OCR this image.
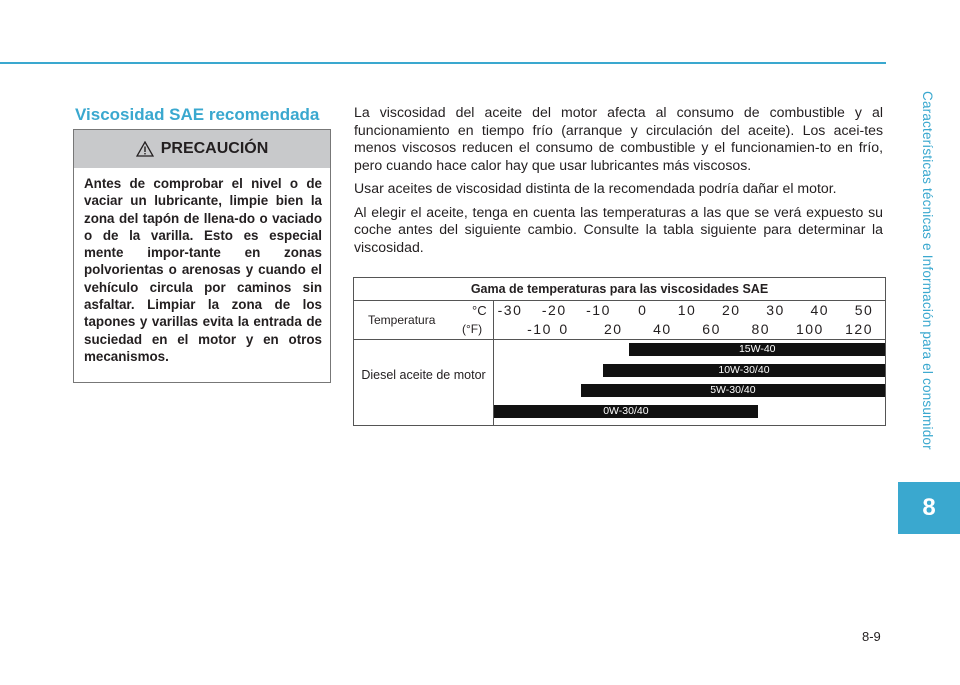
Características técnicas e Información para el consumidor
8
8-9
Viscosidad SAE recomendada
PRECAUCIÓN
Antes de comprobar el nivel o de vaciar un lubricante, limpie bien la zona del tapón de llena-do o vaciado o de la varilla. Esto es especial mente impor-tante en zonas polvorientas o arenosas y cuando el vehículo circula por caminos sin asfaltar. Limpiar la zona de los tapones y varillas evita la entrada de suciedad en el motor y en otros mecanismos.

La viscosidad del aceite del motor afecta al consumo de combustible y al funcionamiento en tiempo frío (arranque y circulación del aceite). Los acei-tes menos viscosos reducen el consumo de combustible y el funcionamien-to en frío, pero cuando hace calor hay que usar lubricantes más viscosos.

Usar aceites de viscosidad distinta de la recomendada podría dañar el motor.

Al elegir el aceite, tenga en cuenta las temperaturas a las que se verá expuesto su coche antes del siguiente cambio. Consulte la tabla siguiente para determinar la viscosidad.

Gama de temperaturas para las viscosidades SAE
Temperatura
°C
(°F)
-30 -20 -10 0 10 20 30 40 50
-10 0	20 40 60 80 100 120
Diesel aceite de motor
15W-40
10W-30/40
5W-30/40
0W-30/40
